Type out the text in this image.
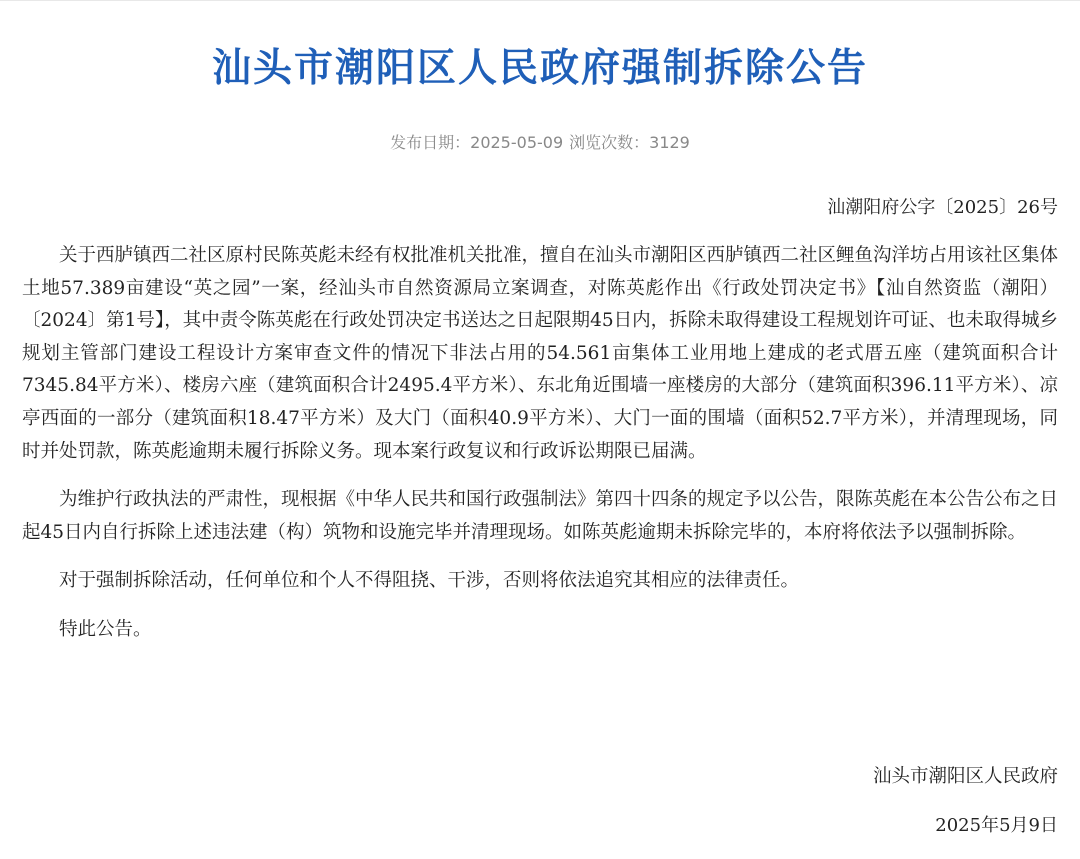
汕头市潮阳区人民政府强制拆除公告
发布日期：2025-05-09 浏览次数：3129
汕潮阳府公字〔2025〕26号

关于西胪镇西二社区原村民陈英彪未经有权批准机关批准，擅自在汕头市潮阳区西胪镇西二社区鲤鱼沟洋坊占用该社区集体土地57.389亩建设“英之园”一案，经汕头市自然资源局立案调查，对陈英彪作出《行政处罚决定书》【汕自然资监（潮阳）〔2024〕第1号】，其中责令陈英彪在行政处罚决定书送达之日起限期45日内，拆除未取得建设工程规划许可证、也未取得城乡规划主管部门建设工程设计方案审查文件的情况下非法占用的54.561亩集体工业用地上建成的老式厝五座（建筑面积合计7345.84平方米）、楼房六座（建筑面积合计2495.4平方米）、东北角近围墙一座楼房的大部分（建筑面积396.11平方米）、凉亭西面的一部分（建筑面积18.47平方米）及大门（面积40.9平方米）、大门一面的围墙（面积52.7平方米），并清理现场，同时并处罚款，陈英彪逾期未履行拆除义务。现本案行政复议和行政诉讼期限已届满。

为维护行政执法的严肃性，现根据《中华人民共和国行政强制法》第四十四条的规定予以公告，限陈英彪在本公告公布之日起45日内自行拆除上述违法建（构）筑物和设施完毕并清理现场。如陈英彪逾期未拆除完毕的，本府将依法予以强制拆除。

对于强制拆除活动，任何单位和个人不得阻挠、干涉，否则将依法追究其相应的法律责任。

特此公告。

汕头市潮阳区人民政府
2025年5月9日
